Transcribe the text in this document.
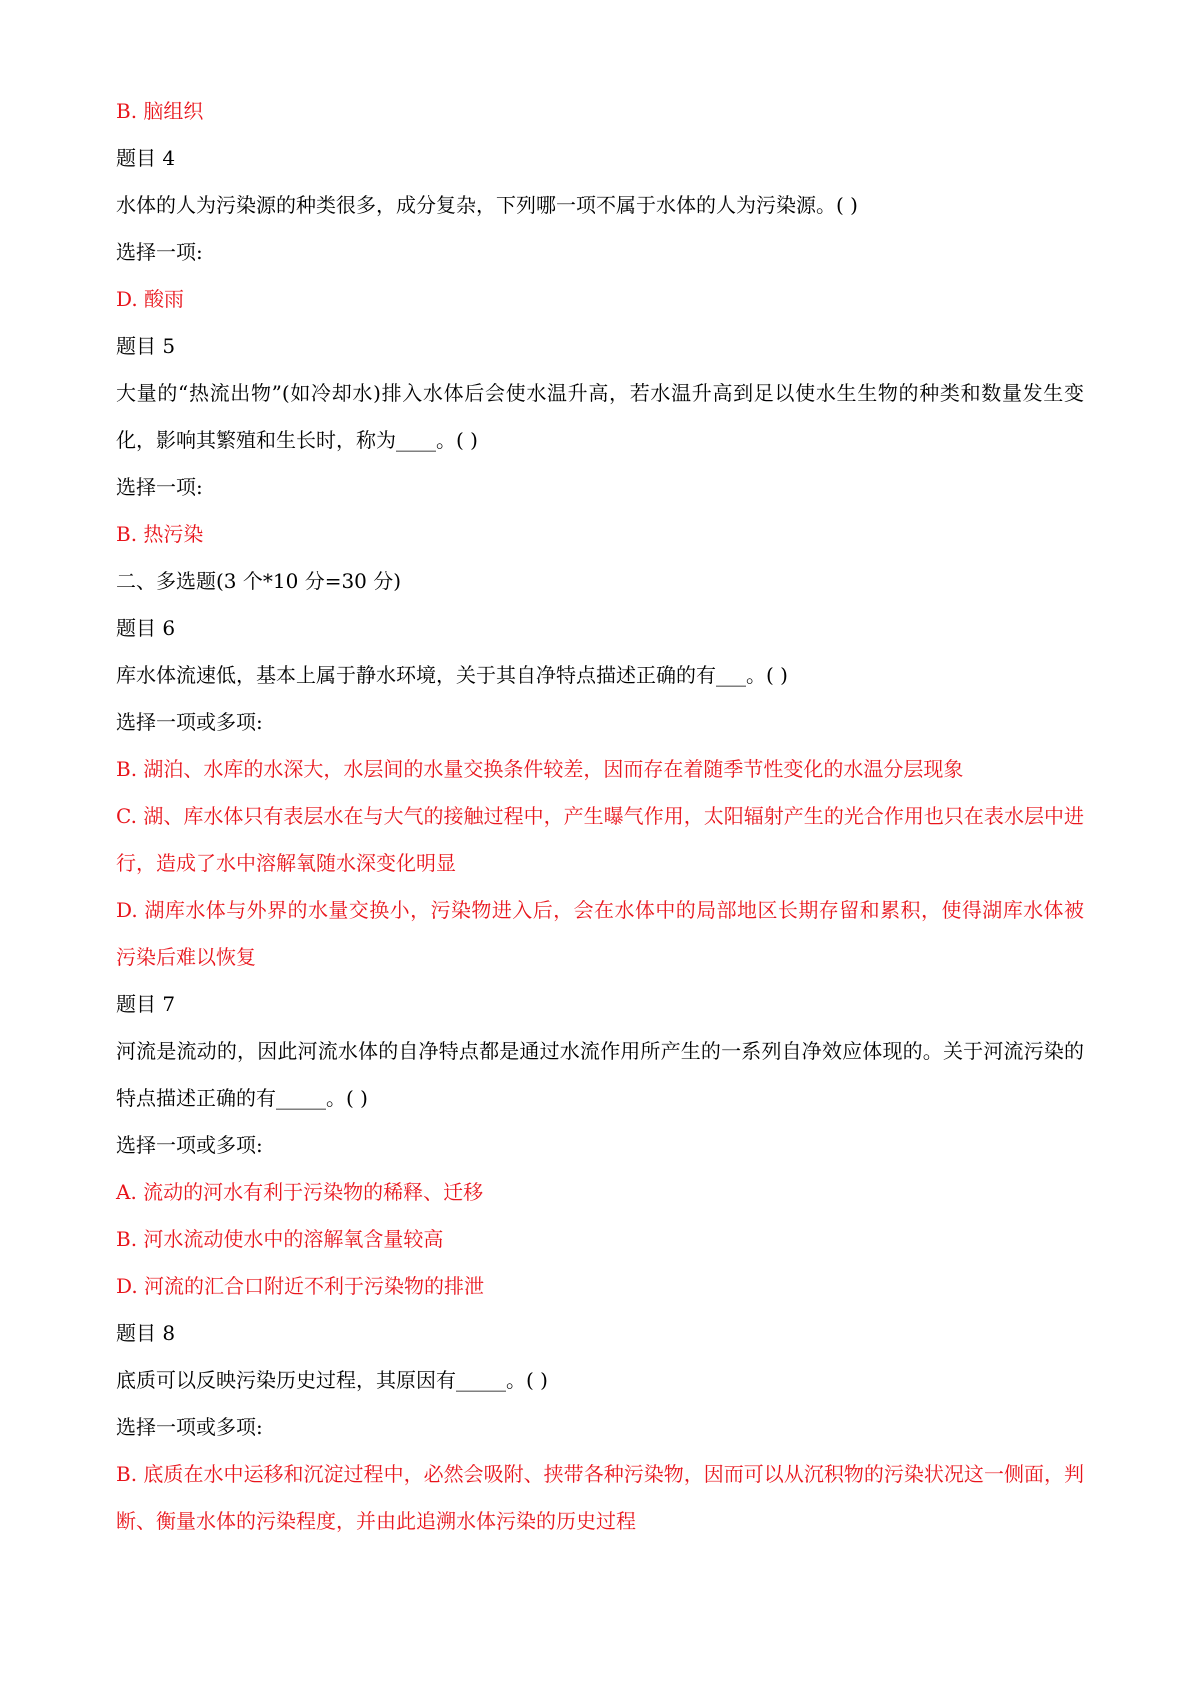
B. 脑组织
题目 4
水体的人为污染源的种类很多，成分复杂，下列哪一项不属于水体的人为污染源。( )
选择一项:
D. 酸雨
题目 5
大量的“热流出物”(如冷却水)排入水体后会使水温升高，若水温升高到足以使水生生物的种类和数量发生变化，影响其繁殖和生长时，称为____。( )
选择一项:
B. 热污染
二、多选题(3 个*10 分=30 分)
题目 6
库水体流速低，基本上属于静水环境，关于其自净特点描述正确的有___。( )
选择一项或多项:
B. 湖泊、水库的水深大，水层间的水量交换条件较差，因而存在着随季节性变化的水温分层现象
C. 湖、库水体只有表层水在与大气的接触过程中，产生曝气作用，太阳辐射产生的光合作用也只在表水层中进行，造成了水中溶解氧随水深变化明显
D. 湖库水体与外界的水量交换小，污染物进入后，会在水体中的局部地区长期存留和累积，使得湖库水体被污染后难以恢复
题目 7
河流是流动的，因此河流水体的自净特点都是通过水流作用所产生的一系列自净效应体现的。关于河流污染的特点描述正确的有_____。( )
选择一项或多项:
A. 流动的河水有利于污染物的稀释、迁移
B. 河水流动使水中的溶解氧含量较高
D. 河流的汇合口附近不利于污染物的排泄
题目 8
底质可以反映污染历史过程，其原因有_____。( )
选择一项或多项:
B. 底质在水中运移和沉淀过程中，必然会吸附、挟带各种污染物，因而可以从沉积物的污染状况这一侧面，判断、衡量水体的污染程度，并由此追溯水体污染的历史过程
